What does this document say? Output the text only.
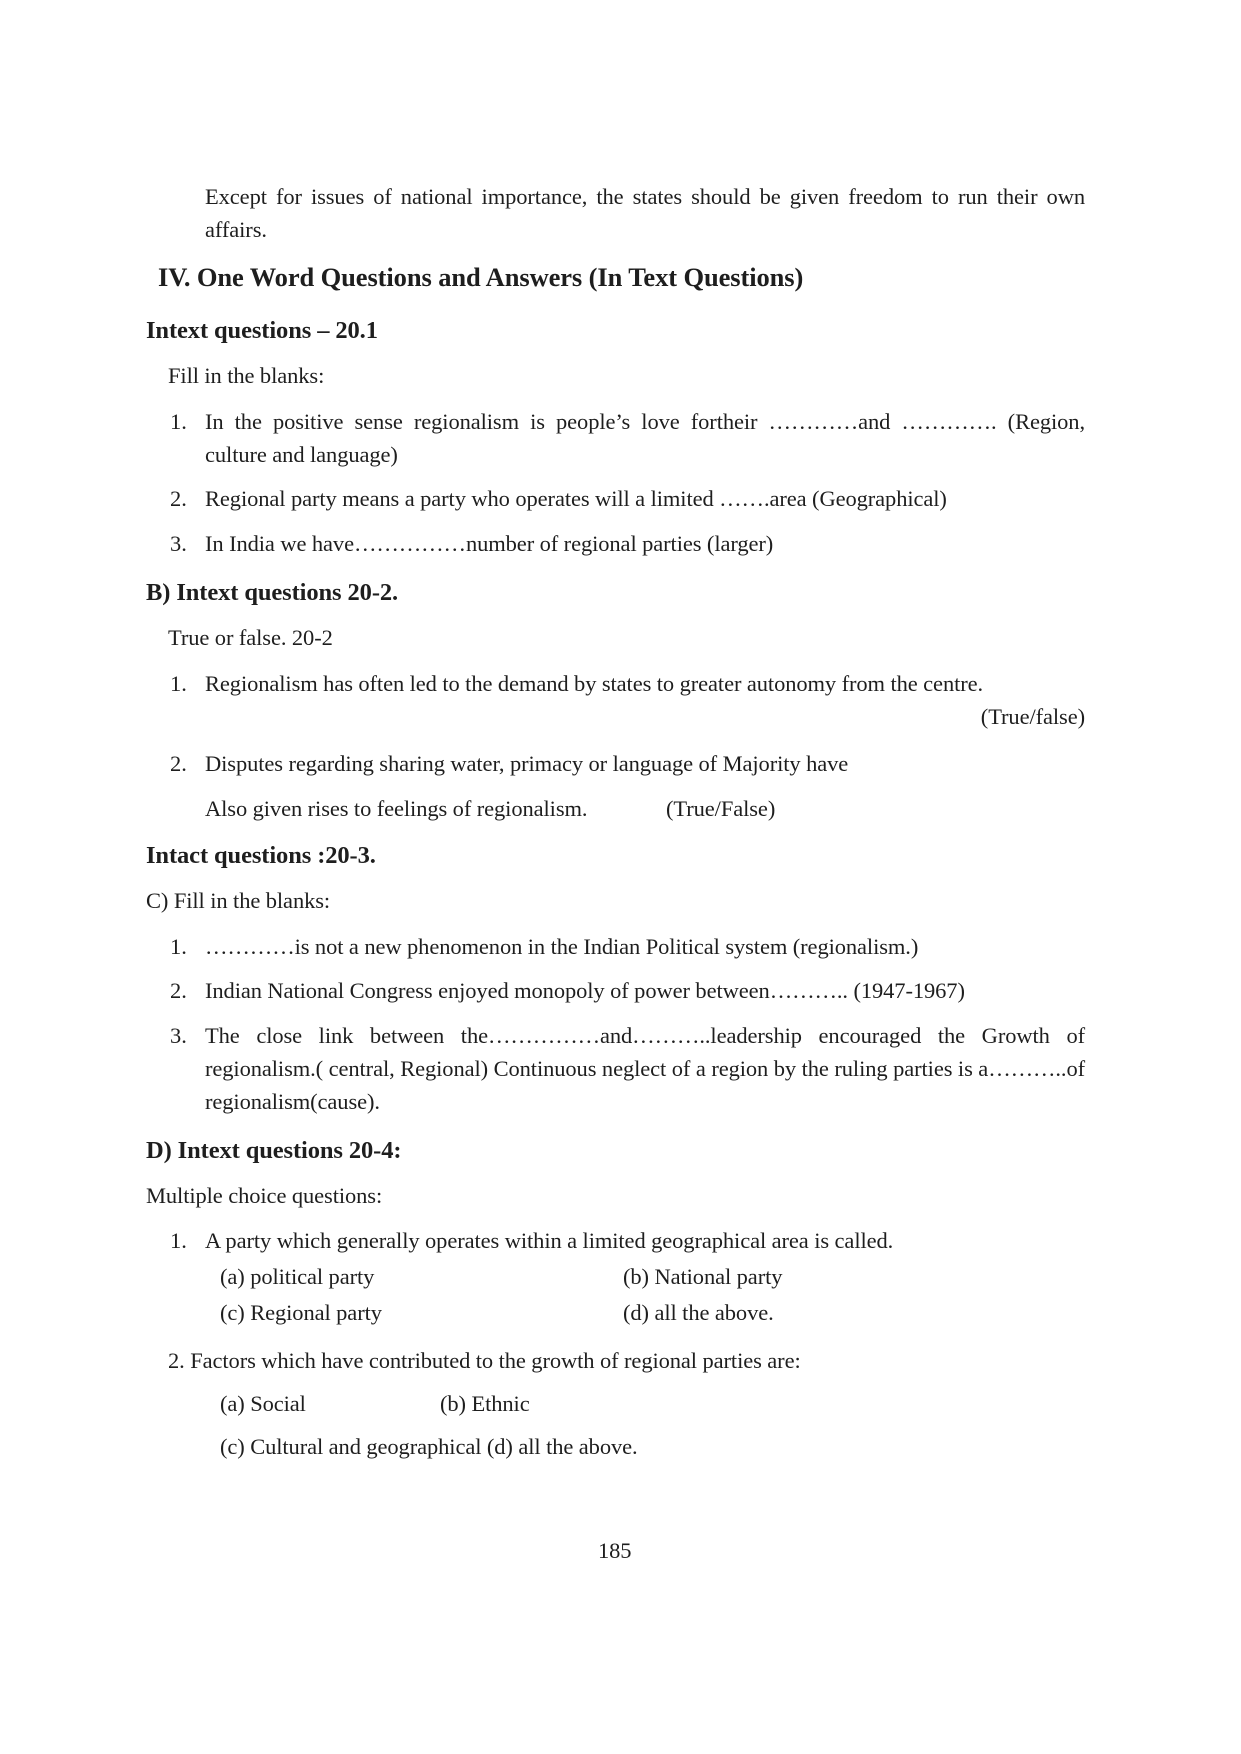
Except for issues of national importance, the states should be given freedom to run their own affairs.
IV. One Word Questions and Answers (In Text Questions)
Intext questions – 20.1
Fill in the blanks:
1. In the positive sense regionalism is people’s love fortheir …………and …………. (Region, culture and language)
2. Regional party means a party who operates will a limited …….area (Geographical)
3. In India we have……………number of regional parties (larger)
B) Intext questions 20-2.
True or false. 20-2
1. Regionalism has often led to the demand by states to greater autonomy from the centre.
(True/false)
2. Disputes regarding sharing water, primacy or language of Majority have
Also given rises to feelings of regionalism.	(True/False)
Intact questions :20-3.
C) Fill in the blanks:
1. …………is not a new phenomenon in the Indian Political system (regionalism.)
2. Indian National Congress enjoyed monopoly of power between……….. (1947-1967)
3. The close link between the……………and………..leadership encouraged the Growth of regionalism.( central, Regional) Continuous neglect of a region by the ruling parties is a………..of regionalism(cause).
D) Intext questions 20-4:
Multiple choice questions:
1. A party which generally operates within a limited geographical area is called.
(a) political party	(b) National party
(c) Regional party	(d) all the above.
2. Factors which have contributed to the growth of regional parties are:
(a) Social	(b) Ethnic
(c) Cultural and geographical (d) all the above.
185
